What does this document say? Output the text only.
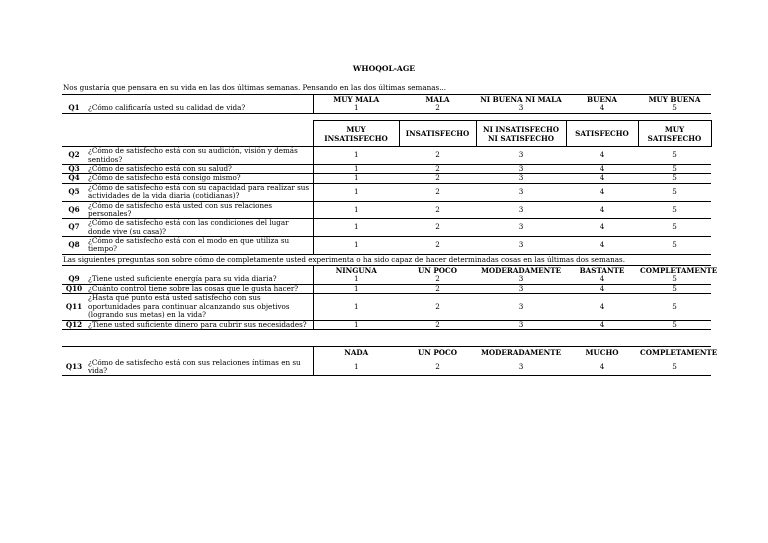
WHOQOL-AGE
Nos gustaría que pensara en su vida en las dos últimas semanas. Pensando en las dos últimas semanas...
		MUY MALA	MALA	NI BUENA NI MALA	BUENA	MUY BUENA
Q1	¿Cómo calificaría usted su calidad de vida?	1	2	3	4	5
		MUY INSATISFECHO	INSATISFECHO	NI INSATISFECHO NI SATISFECHO	SATISFECHO	MUY SATISFECHO
Q2	¿Cómo de satisfecho está con su audición, visión y demás sentidos?	1	2	3	4	5
Q3	¿Cómo de satisfecho está con su salud?	1	2	3	4	5
Q4	¿Cómo de satisfecho está consigo mismo?	1	2	3	4	5
Q5	¿Cómo de satisfecho está con su capacidad para realizar sus actividades de la vida diaria (cotidianas)?	1	2	3	4	5
Q6	¿Cómo de satisfecho está usted con sus relaciones personales?	1	2	3	4	5
Q7	¿Cómo de satisfecho está con las condiciones del lugar donde vive (su casa)?	1	2	3	4	5
Q8	¿Cómo de satisfecho está con el modo en que utiliza su tiempo?	1	2	3	4	5
Las siguientes preguntas son sobre cómo de completamente usted experimenta o ha sido capaz de hacer determinadas cosas en las últimas dos semanas.
		NINGUNA	UN POCO	MODERADAMENTE	BASTANTE	COMPLETAMENTE
Q9	¿Tiene usted suficiente energía para su vida diaria?	1	2	3	4	5
Q10	¿Cuánto control tiene sobre las cosas que le gusta hacer?	1	2	3	4	5
Q11	¿Hasta qué punto está usted satisfecho con sus oportunidades para continuar alcanzando sus objetivos (logrando sus metas) en la vida?	1	2	3	4	5
Q12	¿Tiene usted suficiente dinero para cubrir sus necesidades?	1	2	3	4	5
		NADA	UN POCO	MODERADAMENTE	MUCHO	COMPLETAMENTE
Q13	¿Cómo de satisfecho está con sus relaciones íntimas en su vida?	1	2	3	4	5
